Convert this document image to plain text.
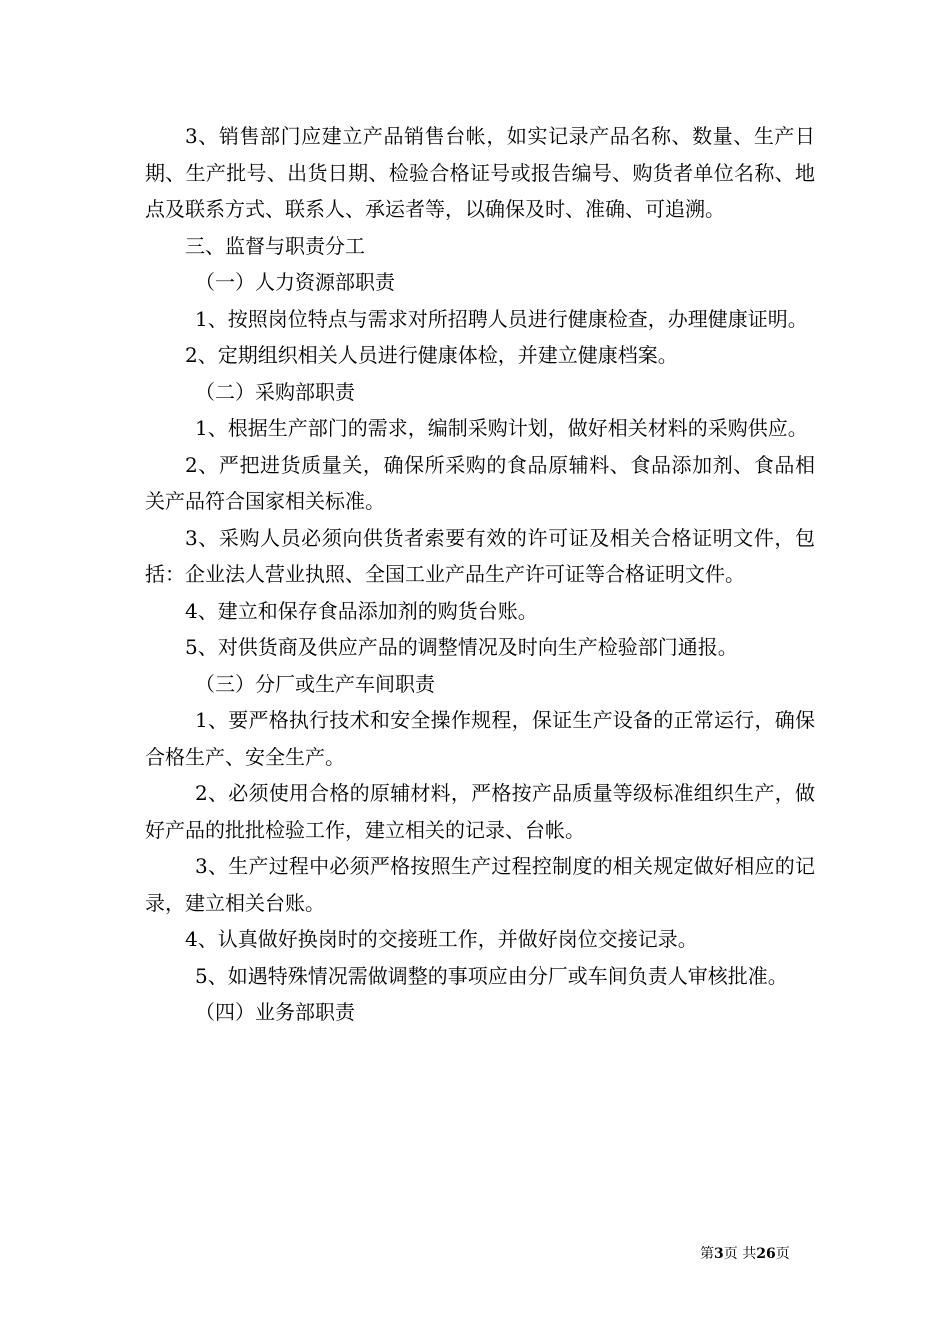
3、销售部门应建立产品销售台帐，如实记录产品名称、数量、生产日期、生产批号、出货日期、检验合格证号或报告编号、购货者单位名称、地点及联系方式、联系人、承运者等，以确保及时、准确、可追溯。

三、监督与职责分工

（一）人力资源部职责

1、按照岗位特点与需求对所招聘人员进行健康检查，办理健康证明。

2、定期组织相关人员进行健康体检，并建立健康档案。

（二）采购部职责

1、根据生产部门的需求，编制采购计划，做好相关材料的采购供应。

2、严把进货质量关，确保所采购的食品原辅料、食品添加剂、食品相关产品符合国家相关标准。

3、采购人员必须向供货者索要有效的许可证及相关合格证明文件，包括：企业法人营业执照、全国工业产品生产许可证等合格证明文件。

4、建立和保存食品添加剂的购货台账。

5、对供货商及供应产品的调整情况及时向生产检验部门通报。

（三）分厂或生产车间职责

1、要严格执行技术和安全操作规程，保证生产设备的正常运行，确保合格生产、安全生产。

2、必须使用合格的原辅材料，严格按产品质量等级标准组织生产，做好产品的批批检验工作，建立相关的记录、台帐。

3、生产过程中必须严格按照生产过程控制度的相关规定做好相应的记录，建立相关台账。

4、认真做好换岗时的交接班工作，并做好岗位交接记录。

5、如遇特殊情况需做调整的事项应由分厂或车间负责人审核批准。

（四）业务部职责

第3页 共26页
